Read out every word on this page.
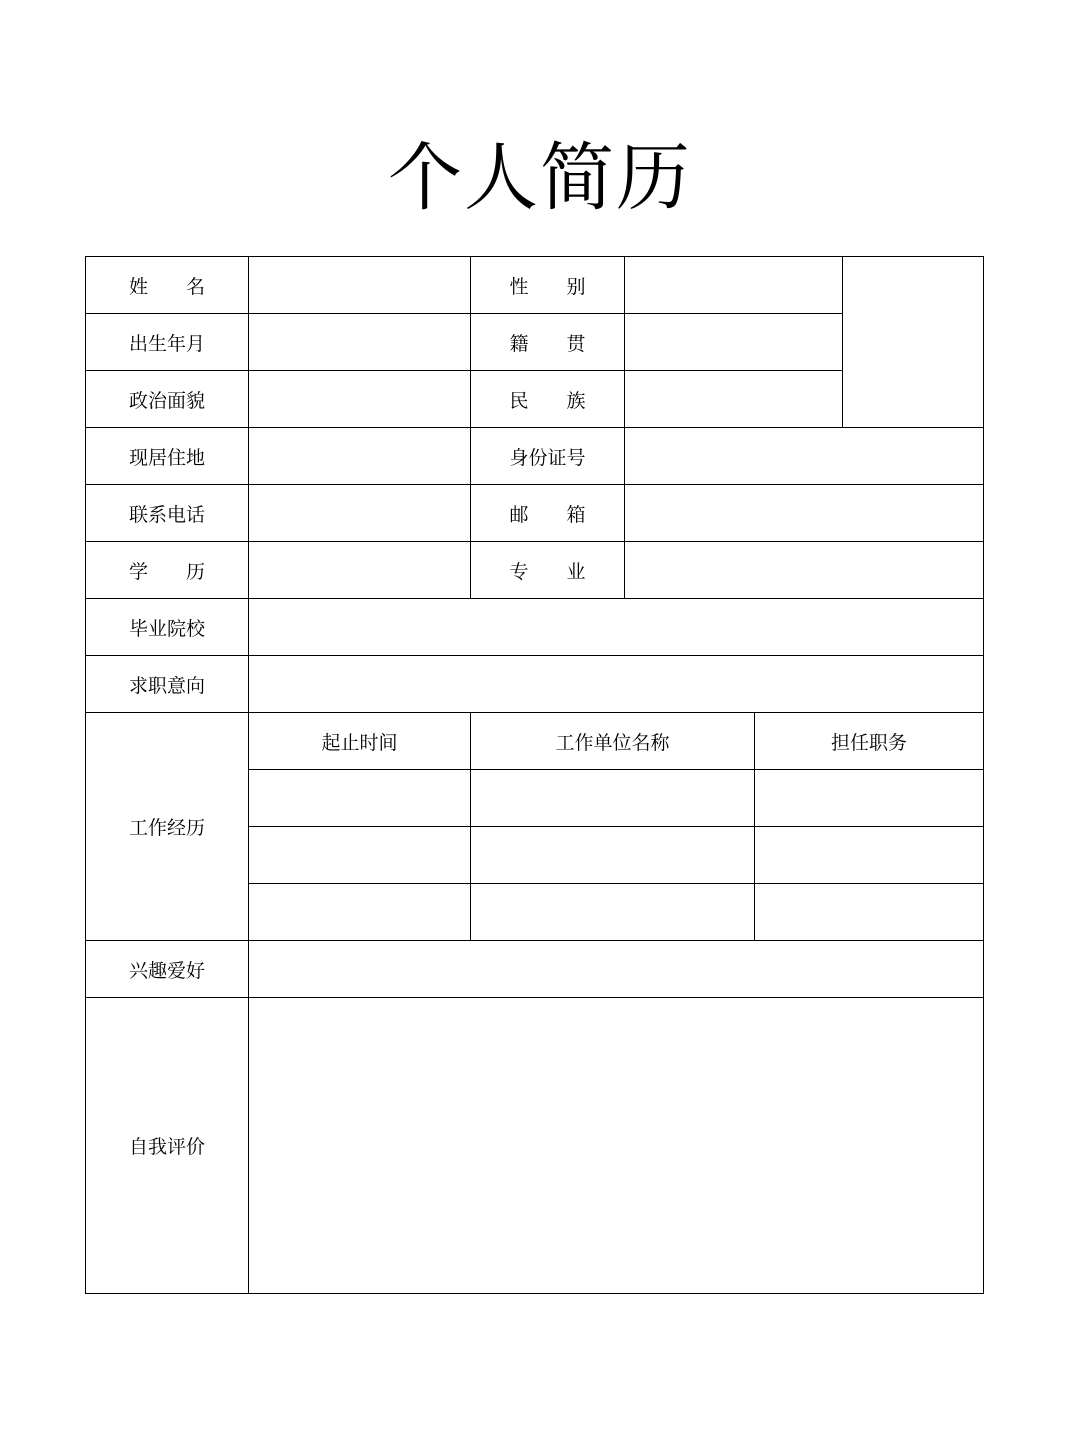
个人简历
姓　　名		性　　别			
出生年月		籍　　贯			
政治面貌		民　　族			
现居住地		身份证号			
联系电话		邮　　箱			
学　　历		专　　业			
毕业院校					
求职意向					
工作经历	起止时间	工作单位名称		担任职务	

兴趣爱好					
自我评价					
